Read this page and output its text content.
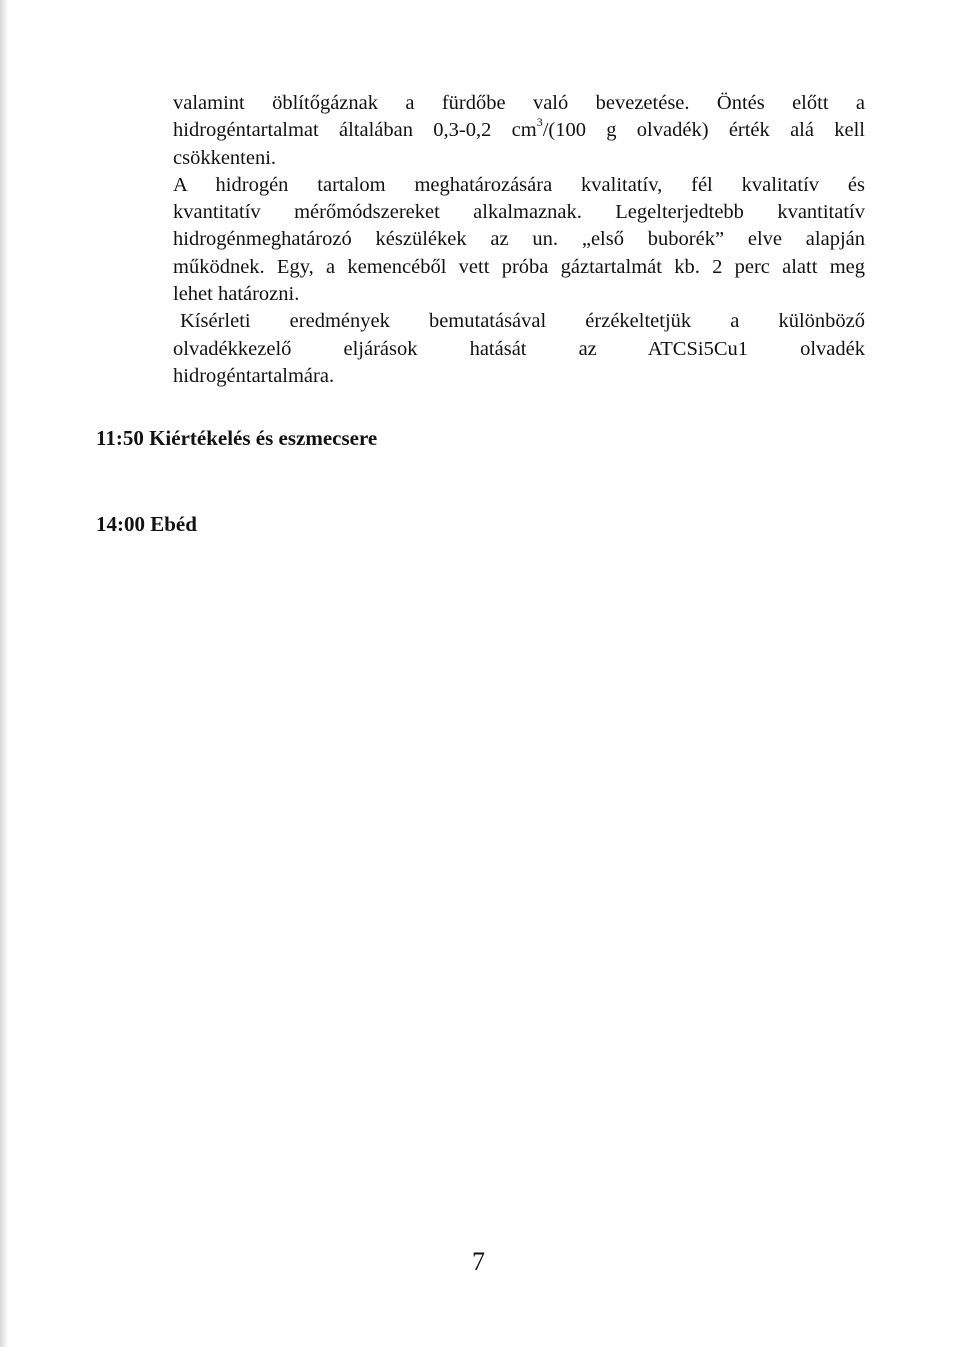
valamint öblítőgáznak a fürdőbe való bevezetése. Öntés előtt a
hidrogéntartalmat általában 0,3-0,2 $cm^3/(100$ g olvadék) érték alá kell
csökkenteni.
A hidrogén tartalom meghatározására kvalitatív, fél kvalitatív és
kvantitatív mérőmódszereket alkalmaznak. Legelterjedtebb kvantitatív
hidrogénmeghatározó készülékek az un. „első buborék” elve alapján
működnek. Egy, a kemencéből vett próba gáztartalmát kb. 2 perc alatt meg
lehet határozni.
Kísérleti eredmények bemutatásával érzékeltetjük a különböző
olvadékkezelő eljárások hatását az ATCSi5Cu1 olvadék
hidrogéntartalmára.
11:50 Kiértékelés és eszmecsere
14:00 Ebéd
7
